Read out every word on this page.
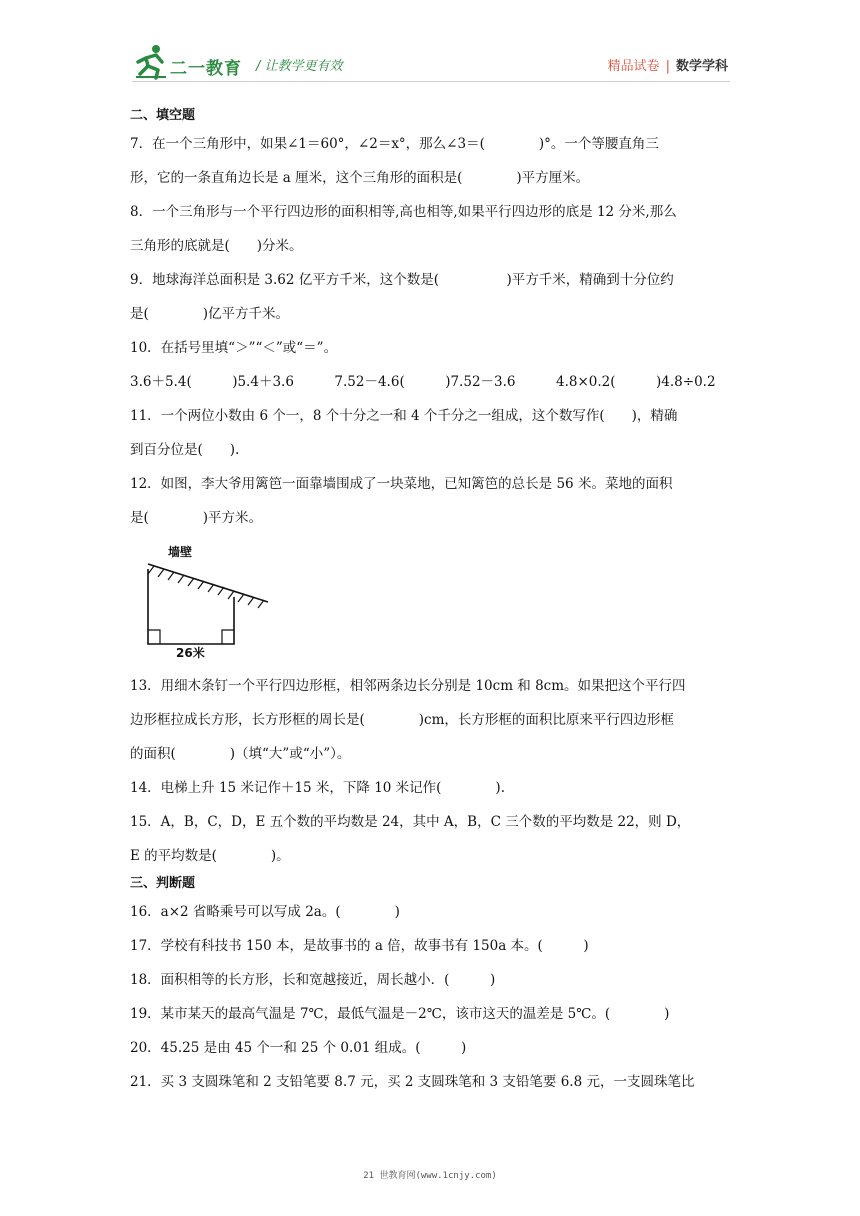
二一教育 / 让教学更有效	精品试卷 | 数学学科
二、填空题
7．在一个三角形中，如果∠1＝60°，∠2＝x°，那么∠3＝(　　　　)°。一个等腰直角三
形，它的一条直角边长是 a 厘米，这个三角形的面积是(　　　　)平方厘米。
8．一个三角形与一个平行四边形的面积相等,高也相等,如果平行四边形的底是 12 分米,那么
三角形的底就是(　　)分米。
9．地球海洋总面积是 3.62 亿平方千米，这个数是(　　　　　)平方千米，精确到十分位约
是(　　　　)亿平方千米。
10．在括号里填“＞”“＜”或“＝”。
3.6＋5.4(　　　)5.4＋3.6　　　7.52－4.6(　　　)7.52－3.6　　　4.8×0.2(　　　)4.8÷0.2
11．一个两位小数由 6 个一，8 个十分之一和 4 个千分之一组成，这个数写作(　　)，精确
到百分位是(　　).
12．如图，李大爷用篱笆一面靠墙围成了一块菜地，已知篱笆的总长是 56 米。菜地的面积
是(　　　　)平方米。
13．用细木条钉一个平行四边形框，相邻两条边长分别是 10cm 和 8cm。如果把这个平行四
边形框拉成长方形，长方形框的周长是(　　　　)cm，长方形框的面积比原来平行四边形框
的面积(　　　　)（填“大”或“小”）。
14．电梯上升 15 米记作＋15 米，下降 10 米记作(　　　　).
15．A，B，C，D，E 五个数的平均数是 24，其中 A，B，C 三个数的平均数是 22，则 D，
E 的平均数是(　　　　)。
三、判断题
16．a×2 省略乘号可以写成 2a。(　　　　)
17．学校有科技书 150 本，是故事书的 a 倍，故事书有 150a 本。(　　　)
18．面积相等的长方形，长和宽越接近，周长越小．(　　　)
19．某市某天的最高气温是 7℃，最低气温是－2℃，该市这天的温差是 5℃。(　　　　)
20．45.25 是由 45 个一和 25 个 0.01 组成。(　　　)
21．买 3 支圆珠笔和 2 支铅笔要 8.7 元，买 2 支圆珠笔和 3 支铅笔要 6.8 元，一支圆珠笔比
墙壁
26米
21 世教育网(www.1cnjy.com)
